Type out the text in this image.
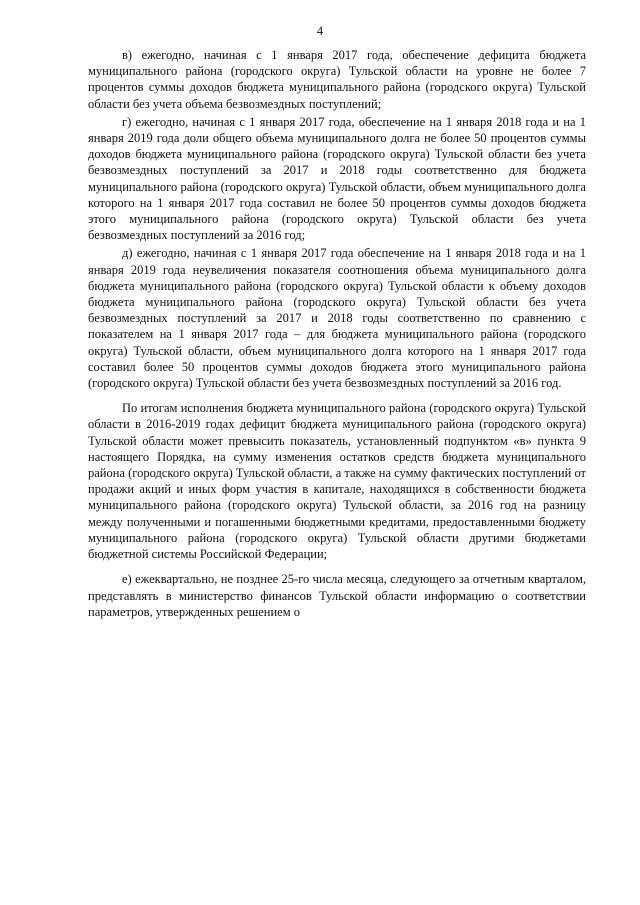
4

в) ежегодно, начиная с 1 января 2017 года, обеспечение дефицита бюджета муниципального района (городского округа) Тульской области на уровне не более 7 процентов суммы доходов бюджета муниципального района (городского округа) Тульской области без учета объема безвозмездных поступлений;

г) ежегодно, начиная с 1 января 2017 года, обеспечение на 1 января 2018 года и на 1 января 2019 года доли общего объема муниципального долга не более 50 процентов суммы доходов бюджета муниципального района (городского округа) Тульской области без учета безвозмездных поступлений за 2017 и 2018 годы соответственно для бюджета муниципального района (городского округа) Тульской области, объем муниципального долга которого на 1 января 2017 года составил не более 50 процентов суммы доходов бюджета этого муниципального района (городского округа) Тульской области без учета безвозмездных поступлений за 2016 год;

д) ежегодно, начиная с 1 января 2017 года обеспечение на 1 января 2018 года и на 1 января 2019 года неувеличения показателя соотношения объема муниципального долга бюджета муниципального района (городского округа) Тульской области к объему доходов бюджета муниципального района (городского округа) Тульской области без учета безвозмездных поступлений за 2017 и 2018 годы соответственно по сравнению с показателем на 1 января 2017 года – для бюджета муниципального района (городского округа) Тульской области, объем муниципального долга которого на 1 января 2017 года составил более 50 процентов суммы доходов бюджета этого муниципального района (городского округа) Тульской области без учета безвозмездных поступлений за 2016 год.

По итогам исполнения бюджета муниципального района (городского округа) Тульской области в 2016-2019 годах дефицит бюджета муниципального района (городского округа) Тульской области может превысить показатель, установленный подпунктом «в» пункта 9 настоящего Порядка, на сумму изменения остатков средств бюджета муниципального района (городского округа) Тульской области, а также на сумму фактических поступлений от продажи акций и иных форм участия в капитале, находящихся в собственности бюджета муниципального района (городского округа) Тульской области, за 2016 год на разницу между полученными и погашенными бюджетными кредитами, предоставленными бюджету муниципального района (городского округа) Тульской области другими бюджетами бюджетной системы Российской Федерации;

е) ежеквартально, не позднее 25-го числа месяца, следующего за отчетным кварталом, представлять в министерство финансов Тульской области информацию о соответствии параметров, утвержденных решением о
